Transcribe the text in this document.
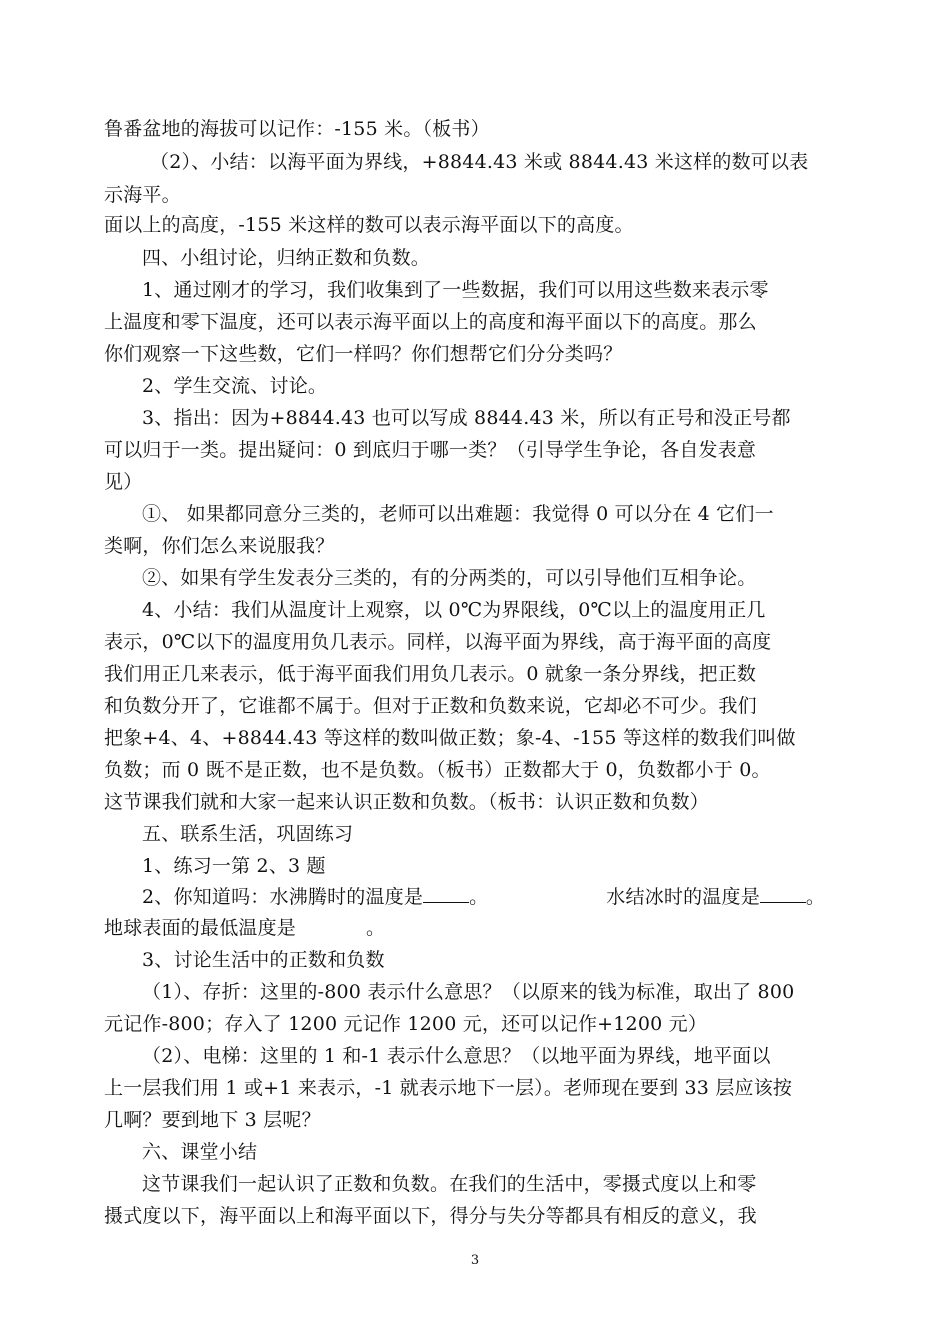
鲁番盆地的海拔可以记作：-155 米。（板书）
（2）、小结：以海平面为界线，+8844.43 米或 8844.43 米这样的数可以表
示海平。
面以上的高度，-155 米这样的数可以表示海平面以下的高度。
四、小组讨论，归纳正数和负数。
1、通过刚才的学习，我们收集到了一些数据，我们可以用这些数来表示零
上温度和零下温度，还可以表示海平面以上的高度和海平面以下的高度。那么
你们观察一下这些数，它们一样吗？你们想帮它们分分类吗？
2、学生交流、讨论。
3、指出：因为+8844.43 也可以写成 8844.43 米，所以有正号和没正号都
可以归于一类。提出疑问：0 到底归于哪一类？（引导学生争论，各自发表意
见）
①、 如果都同意分三类的，老师可以出难题：我觉得 0 可以分在 4 它们一
类啊，你们怎么来说服我？
②、如果有学生发表分三类的，有的分两类的，可以引导他们互相争论。
4、小结：我们从温度计上观察，以 0℃为界限线，0℃以上的温度用正几
表示，0℃以下的温度用负几表示。同样，以海平面为界线，高于海平面的高度
我们用正几来表示，低于海平面我们用负几表示。0 就象一条分界线，把正数
和负数分开了，它谁都不属于。但对于正数和负数来说，它却必不可少。我们
把象+4、4、+8844.43 等这样的数叫做正数；象-4、-155 等这样的数我们叫做
负数；而 0 既不是正数，也不是负数。（板书）正数都大于 0，负数都小于 0。
这节课我们就和大家一起来认识正数和负数。（板书：认识正数和负数）
五、联系生活，巩固练习
1、练习一第 2、3 题
2、你知道吗：水沸腾时的温度是 。	水结冰时的温度是 。
地球表面的最低温度是	。
3、讨论生活中的正数和负数
（1）、存折：这里的-800 表示什么意思？（以原来的钱为标准，取出了 800
元记作-800；存入了 1200 元记作 1200 元，还可以记作+1200 元）
（2）、电梯：这里的 1 和-1 表示什么意思？（以地平面为界线，地平面以
上一层我们用 1 或+1 来表示，-1 就表示地下一层）。老师现在要到 33 层应该按
几啊？要到地下 3 层呢？
六、课堂小结
这节课我们一起认识了正数和负数。在我们的生活中，零摄式度以上和零
摄式度以下，海平面以上和海平面以下，得分与失分等都具有相反的意义，我
3
